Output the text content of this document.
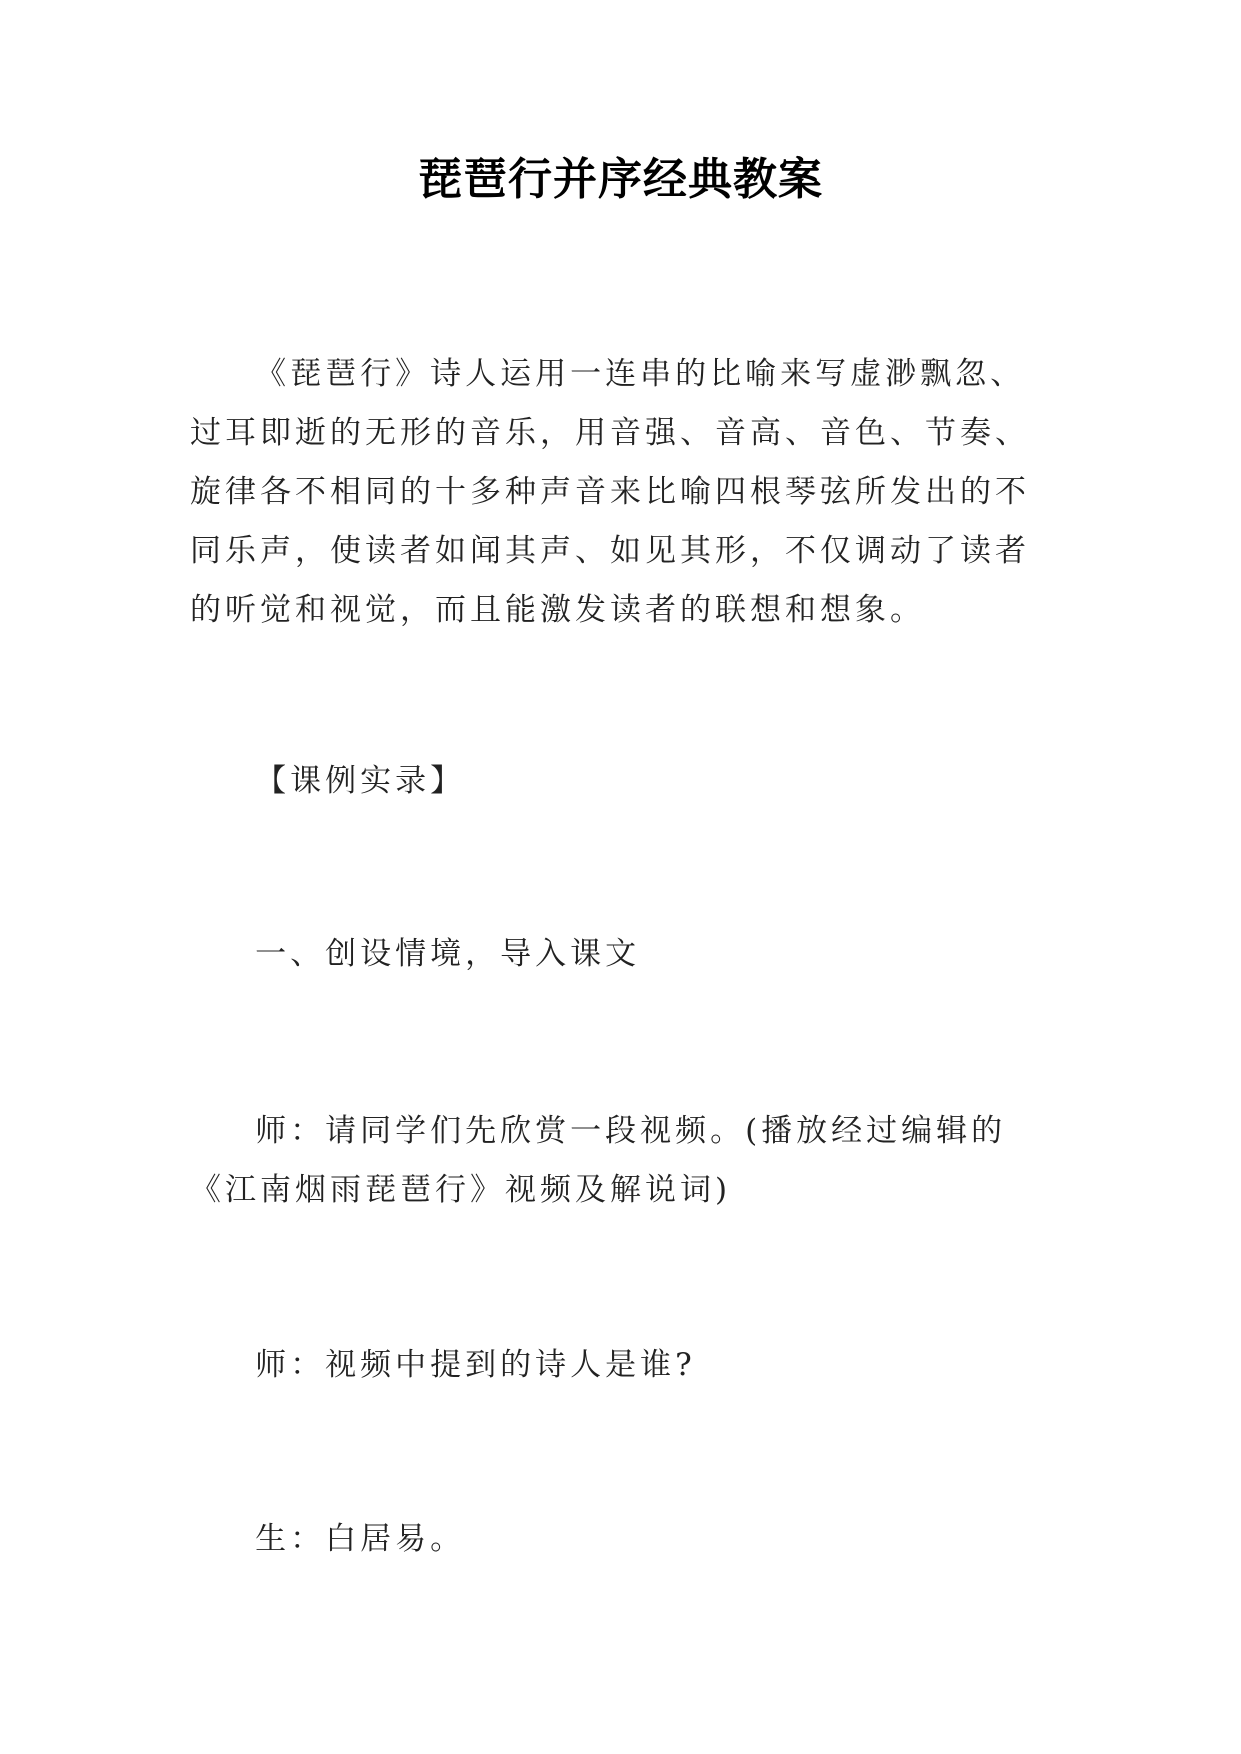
琵琶行并序经典教案

《琵琶行》诗人运用一连串的比喻来写虚渺飘忽、过耳即逝的无形的音乐，用音强、音高、音色、节奏、旋律各不相同的十多种声音来比喻四根琴弦所发出的不同乐声，使读者如闻其声、如见其形，不仅调动了读者的听觉和视觉，而且能激发读者的联想和想象。

【课例实录】

一、创设情境，导入课文

师：请同学们先欣赏一段视频。(播放经过编辑的《江南烟雨琵琶行》视频及解说词)

师：视频中提到的诗人是谁?

生：白居易。
